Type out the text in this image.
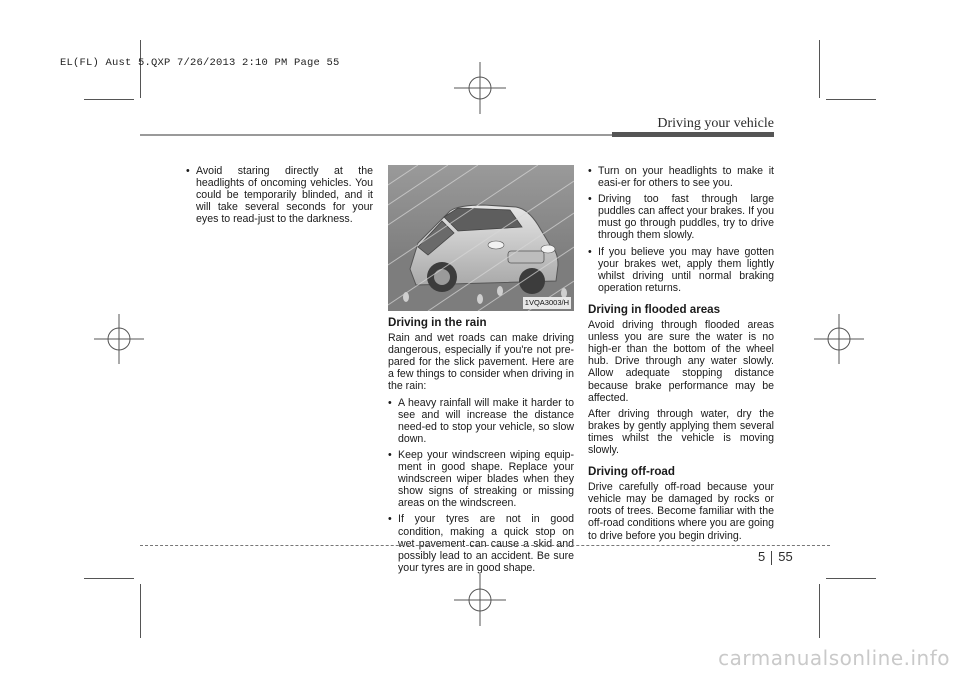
EL(FL) Aust 5.QXP 7/26/2013 2:10 PM Page 55
Driving your vehicle
• Avoid staring directly at the headlights of oncoming vehicles. You could be temporarily blinded, and it will take several seconds for your eyes to read-just to the darkness.
1VQA3003/H
Driving in the rain

Rain and wet roads can make driving dangerous, especially if you're not pre-pared for the slick pavement. Here are a few things to consider when driving in the rain:

• A heavy rainfall will make it harder to see and will increase the distance need-ed to stop your vehicle, so slow down.
• Keep your windscreen wiping equip-ment in good shape. Replace your windscreen wiper blades when they show signs of streaking or missing areas on the windscreen.
• If your tyres are not in good condition, making a quick stop on wet pavement can cause a skid and possibly lead to an accident. Be sure your tyres are in good shape.
• Turn on your headlights to make it easi-er for others to see you.
• Driving too fast through large puddles can affect your brakes. If you must go through puddles, try to drive through them slowly.
• If you believe you may have gotten your brakes wet, apply them lightly whilst driving until normal braking operation returns.
Driving in flooded areas

Avoid driving through flooded areas unless you are sure the water is no high-er than the bottom of the wheel hub. Drive through any water slowly. Allow adequate stopping distance because brake performance may be affected.

After driving through water, dry the brakes by gently applying them several times whilst the vehicle is moving slowly.

Driving off-road

Drive carefully off-road because your vehicle may be damaged by rocks or roots of trees. Become familiar with the off-road conditions where you are going to drive before you begin driving.

5 55
carmanualsonline.info
